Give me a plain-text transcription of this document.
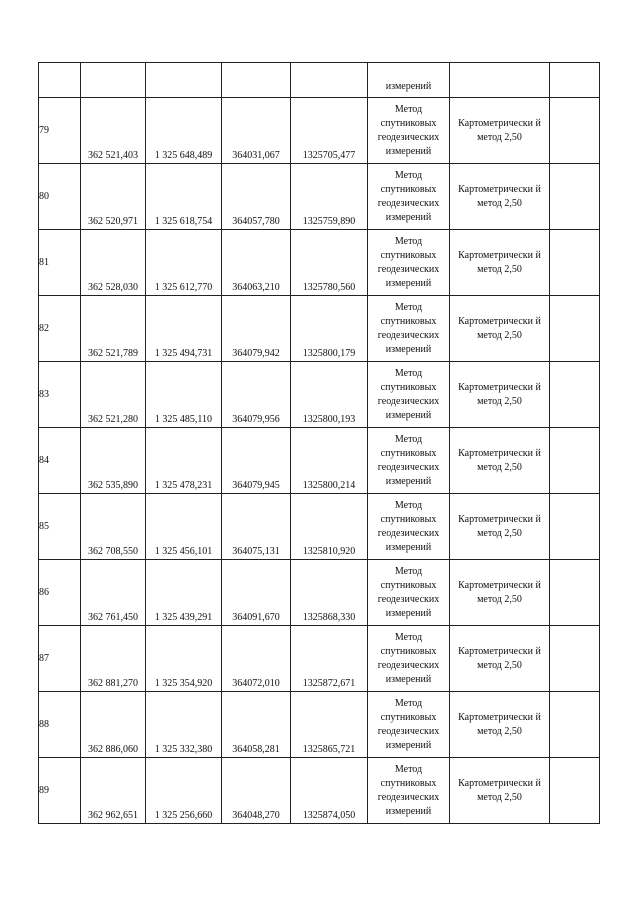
					измерений		
79	362 521,403	1 325 648,489	364031,067	1325705,477	Метод спутниковых геодезических измерений	Картометрически й метод 2,50	
80	362 520,971	1 325 618,754	364057,780	1325759,890	Метод спутниковых геодезических измерений	Картометрически й метод 2,50	
81	362 528,030	1 325 612,770	364063,210	1325780,560	Метод спутниковых геодезических измерений	Картометрически й метод 2,50	
82	362 521,789	1 325 494,731	364079,942	1325800,179	Метод спутниковых геодезических измерений	Картометрически й метод 2,50	
83	362 521,280	1 325 485,110	364079,956	1325800,193	Метод спутниковых геодезических измерений	Картометрически й метод 2,50	
84	362 535,890	1 325 478,231	364079,945	1325800,214	Метод спутниковых геодезических измерений	Картометрически й метод 2,50	
85	362 708,550	1 325 456,101	364075,131	1325810,920	Метод спутниковых геодезических измерений	Картометрически й метод 2,50	
86	362 761,450	1 325 439,291	364091,670	1325868,330	Метод спутниковых геодезических измерений	Картометрически й метод 2,50	
87	362 881,270	1 325 354,920	364072,010	1325872,671	Метод спутниковых геодезических измерений	Картометрически й метод 2,50	
88	362 886,060	1 325 332,380	364058,281	1325865,721	Метод спутниковых геодезических измерений	Картометрически й метод 2,50	
89	362 962,651	1 325 256,660	364048,270	1325874,050	Метод спутниковых геодезических измерений	Картометрически й метод 2,50	
